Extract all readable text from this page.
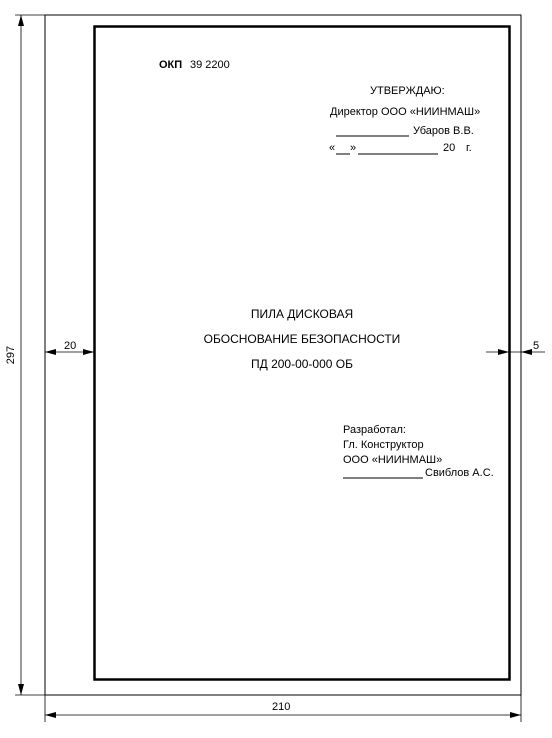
ОКП 39 2200
УТВЕРЖДАЮ:
Директор ООО «НИИНМАШ»
Убаров В.В.
« »	20 г.
ПИЛА ДИСКОВАЯ
ОБОСНОВАНИЕ БЕЗОПАСНОСТИ
ПД 200-00-000 ОБ
Разработал:
Гл. Конструктор
ООО «НИИНМАШ»
Свиблов А.С.
297
210
20	5
